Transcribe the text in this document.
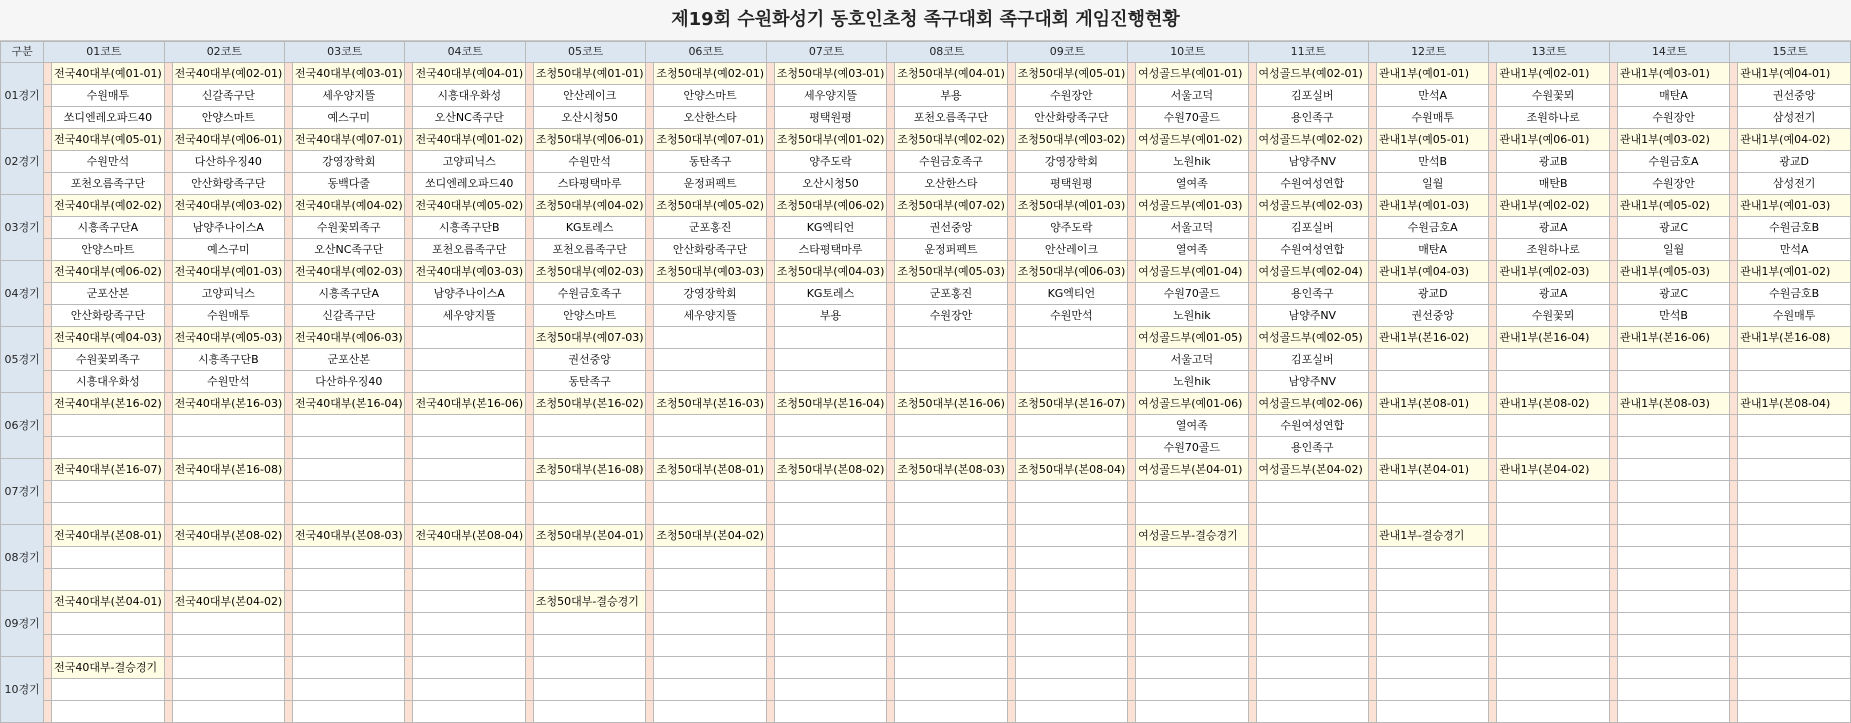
제19회 수원화성기 동호인초청 족구대회 족구대회 게임진행현황
구분	01코트		02코트		03코트		04코트		05코트		06코트		07코트		08코트		09코트		10코트		11코트		12코트		13코트		14코트		15코트	
01경기		전국40대부(예01-01)		전국40대부(예02-01)		전국40대부(예03-01)		전국40대부(예04-01)		조청50대부(예01-01)		조청50대부(예02-01)		조청50대부(예03-01)		조청50대부(예04-01)		조청50대부(예05-01)		여성골드부(예01-01)		여성골드부(예02-01)		관내1부(예01-01)		관내1부(예02-01)		관내1부(예03-01)		관내1부(예04-01)
		수원매투		신갈족구단		세우양지뜰		시흥대우화성		안산레이크		안양스마트		세우양지뜰		부용		수원장안		서울고덕		김포실버		만석A		수원꽃뫼		매탄A		권선중앙
		쏘디엔레오파드40		안양스마트		예스구미		오산NC족구단		오산시청50		오산한스타		평택원평		포천오름족구단		안산화랑족구단		수원70골드		용인족구		수원매투		조원하나로		수원장안		삼성전기
02경기		전국40대부(예05-01)		전국40대부(예06-01)		전국40대부(예07-01)		전국40대부(예01-02)		조청50대부(예06-01)		조청50대부(예07-01)		조청50대부(예01-02)		조청50대부(예02-02)		조청50대부(예03-02)		여성골드부(예01-02)		여성골드부(예02-02)		관내1부(예05-01)		관내1부(예06-01)		관내1부(예03-02)		관내1부(예04-02)
		수원만석		다산하우징40		강영장학회		고양피닉스		수원만석		동탄족구		양주도락		수원금호족구		강영장학회		노원hik		남양주NV		만석B		광교B		수원금호A		광교D
		포천오름족구단		안산화랑족구단		동백다줄		쏘디엔레오파드40		스타평택마루		운정퍼펙트		오산시청50		오산한스타		평택원평		열여족		수원여성연합		일월		매탄B		수원장안		삼성전기
03경기		전국40대부(예02-02)		전국40대부(예03-02)		전국40대부(예04-02)		전국40대부(예05-02)		조청50대부(예04-02)		조청50대부(예05-02)		조청50대부(예06-02)		조청50대부(예07-02)		조청50대부(예01-03)		여성골드부(예01-03)		여성골드부(예02-03)		관내1부(예01-03)		관내1부(예02-02)		관내1부(예05-02)		관내1부(예01-03)
		시흥족구단A		남양주나이스A		수원꽃뫼족구		시흥족구단B		KG토레스		군포홍진		KG엑티언		권선중앙		양주도락		서울고덕		김포실버		수원금호A		광교A		광교C		수원금호B
		안양스마트		예스구미		오산NC족구단		포천오름족구단		포천오름족구단		안산화랑족구단		스타평택마루		운정퍼펙트		안산레이크		열여족		수원여성연합		매탄A		조원하나로		일월		만석A
04경기		전국40대부(예06-02)		전국40대부(예01-03)		전국40대부(예02-03)		전국40대부(예03-03)		조청50대부(예02-03)		조청50대부(예03-03)		조청50대부(예04-03)		조청50대부(예05-03)		조청50대부(예06-03)		여성골드부(예01-04)		여성골드부(예02-04)		관내1부(예04-03)		관내1부(예02-03)		관내1부(예05-03)		관내1부(예01-02)
		군포산본		고양피닉스		시흥족구단A		남양주나이스A		수원금호족구		강영장학회		KG토레스		군포홍진		KG엑티언		수원70골드		용인족구		광교D		광교A		광교C		수원금호B
		안산화랑족구단		수원매투		신갈족구단		세우양지뜰		안양스마트		세우양지뜰		부용		수원장안		수원만석		노원hik		남양주NV		권선중앙		수원꽃뫼		만석B		수원매투
05경기		전국40대부(예04-03)		전국40대부(예05-03)		전국40대부(예06-03)				조청50대부(예07-03)										여성골드부(예01-05)		여성골드부(예02-05)		관내1부(본16-02)		관내1부(본16-04)		관내1부(본16-06)		관내1부(본16-08)
		수원꽃뫼족구		시흥족구단B		군포산본				권선중앙										서울고덕		김포실버								
		시흥대우화성		수원만석		다산하우징40				동탄족구										노원hik		남양주NV								
06경기		전국40대부(본16-02)		전국40대부(본16-03)		전국40대부(본16-04)		전국40대부(본16-06)		조청50대부(본16-02)		조청50대부(본16-03)		조청50대부(본16-04)		조청50대부(본16-06)		조청50대부(본16-07)		여성골드부(예01-06)		여성골드부(예02-06)		관내1부(본08-01)		관내1부(본08-02)		관내1부(본08-03)		관내1부(본08-04)
																				열여족		수원여성연합								
																				수원70골드		용인족구								
07경기		전국40대부(본16-07)		전국40대부(본16-08)						조청50대부(본16-08)		조청50대부(본08-01)		조청50대부(본08-02)		조청50대부(본08-03)		조청50대부(본08-04)		여성골드부(본04-01)		여성골드부(본04-02)		관내1부(본04-01)		관내1부(본04-02)				

08경기		전국40대부(본08-01)		전국40대부(본08-02)		전국40대부(본08-03)		전국40대부(본08-04)		조청50대부(본04-01)		조청50대부(본04-02)								여성골드부-결승경기				관내1부-결승경기						

09경기		전국40대부(본04-01)		전국40대부(본04-02)						조청50대부-결승경기																				

10경기		전국40대부-결승경기																												
